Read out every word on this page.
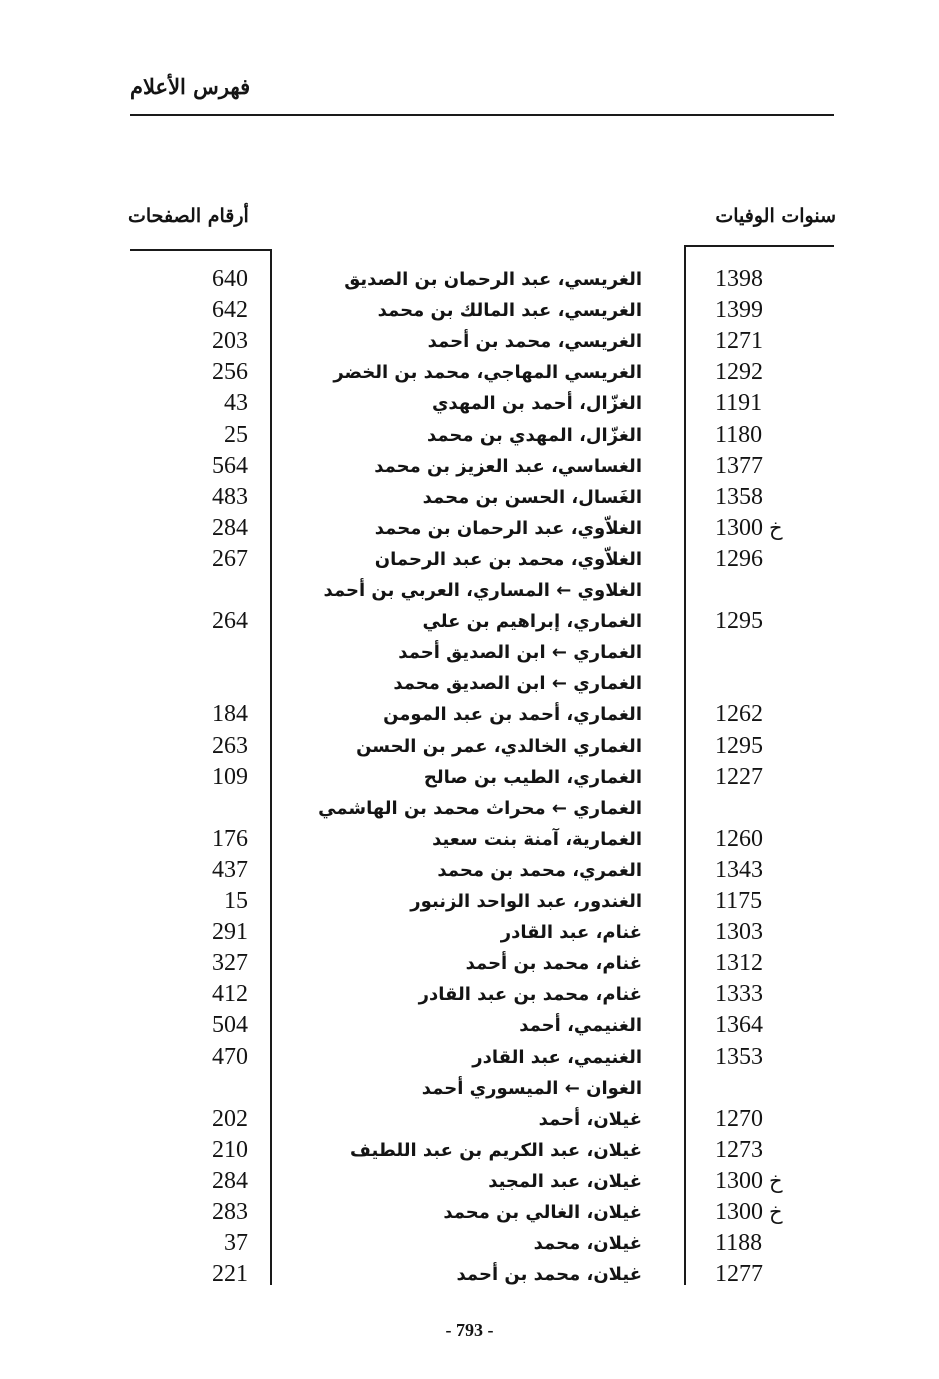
فهرس الأعلام
سنوات الوفيات
أرقام الصفحات
1398
الغريسي، عبد الرحمان بن الصديق
640
1399
الغريسي، عبد المالك بن محمد
642
1271
الغريسي، محمد بن أحمد
203
1292
الغريسي المهاجي، محمد بن الخضر
256
1191
الغزّال، أحمد بن المهدي
43
1180
الغزّال، المهدي بن محمد
25
1377
الغساسي، عبد العزيز بن محمد
564
1358
الغَسال، الحسن بن محمد
483
1300 خ
الغلاّوي، عبد الرحمان بن محمد
284
1296
الغلاّوي، محمد بن عبد الرحمان
267
الغلاوي ← المساري، العربي بن أحمد
1295
الغماري، إبراهيم بن علي
264
الغماري ← ابن الصديق أحمد
الغماري ← ابن الصديق محمد
1262
الغماري، أحمد بن عبد المومن
184
1295
الغماري الخالدي، عمر بن الحسن
263
1227
الغماري، الطيب بن صالح
109
الغماري ← محراث محمد بن الهاشمي
1260
الغمارية، آمنة بنت سعيد
176
1343
الغمري، محمد بن محمد
437
1175
الغندور، عبد الواحد الزنبور
15
1303
غنام، عبد القادر
291
1312
غنام، محمد بن أحمد
327
1333
غنام، محمد بن عبد القادر
412
1364
الغنيمي، أحمد
504
1353
الغنيمي، عبد القادر
470
الغوان ← الميسوري أحمد
1270
غيلان، أحمد
202
1273
غيلان، عبد الكريم بن عبد اللطيف
210
1300 خ
غيلان، عبد المجيد
284
1300 خ
غيلان، الغالي بن محمد
283
1188
غيلان، محمد
37
1277
غيلان، محمد بن أحمد
221
- 793 -
